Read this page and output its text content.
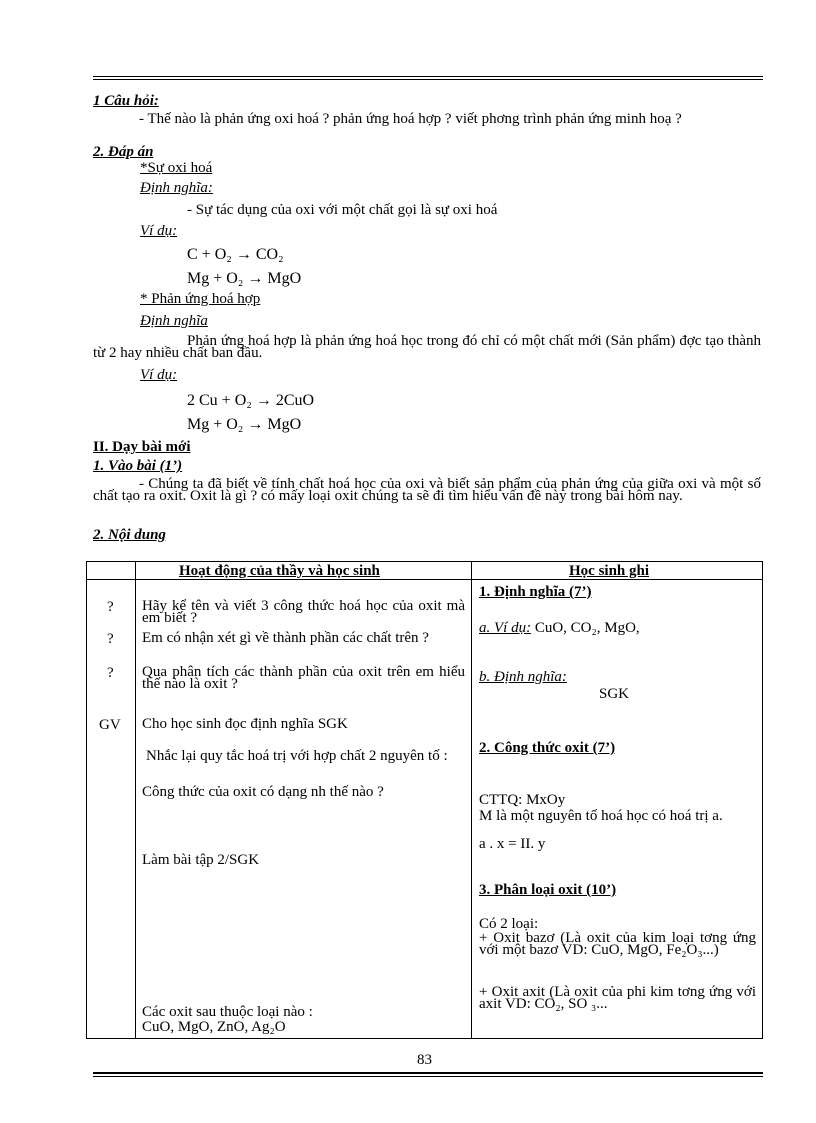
1 Câu hỏi:
- Thế nào là phản ứng oxi hoá ? phản ứng hoá hợp ? viết phơng trình phản ứng minh hoạ ?
2. Đáp án
*Sự oxi hoá
Định nghĩa:
- Sự tác dụng của oxi với một chất gọi là sự oxi hoá
Ví dụ:
C + O₂ → CO₂
Mg + O₂ → MgO
* Phản ứng hoá hợp
Định nghĩa
Phản ứng hoá hợp là phản ứng hoá học trong đó chỉ có một chất mới (Sản phẩm) đợc tạo thành từ 2 hay nhiều chất ban đầu.
Ví dụ:
2 Cu + O₂ → 2CuO
Mg + O₂ → MgO
II. Dạy bài mới
1. Vào bài (1’)
- Chúng ta đã biết về tính chất hoá học của oxi và biết sản phẩm của phản ứng của giữa oxi và một số chất tạo ra oxit. Oxit là gì ? có mấy loại oxit chúng ta sẽ đi tìm hiểu vấn đề này trong bài hôm nay.
2. Nội dung
Hoạt động của thầy và học sinh	Học sinh ghi
?
?
?
GV
Hãy kể tên và viết 3 công thức hoá học của oxit mà em biết ?
Em có nhận xét gì về thành phần các chất trên ?
Qua phân tích các thành phần của oxit trên em hiểu thế nào là oxit ?
Cho học sinh đọc định nghĩa SGK
Nhắc lại quy tắc hoá trị với hợp chất 2 nguyên tố :
Công thức của oxit có dạng nh thế nào ?
Làm bài tập 2/SGK
Các oxit sau thuộc loại nào :
CuO, MgO, ZnO, Ag₂O
1. Định nghĩa (7’)
a. Ví dụ: CuO, CO₂, MgO,
b. Định nghĩa:
SGK
2. Công thức oxit (7’)
CTTQ: MxOy
M là một nguyên tố hoá học có hoá trị a.
a . x = II. y
3. Phân loại oxit (10’)
Có 2 loại:
+ Oxit bazơ (Là oxit của kim loại tơng ứng với một bazơ VD: CuO, MgO, Fe₂O₃...)
+ Oxit axit (Là oxit của phi kim tơng ứng với axit VD: CO₂, SO ₃...
83
